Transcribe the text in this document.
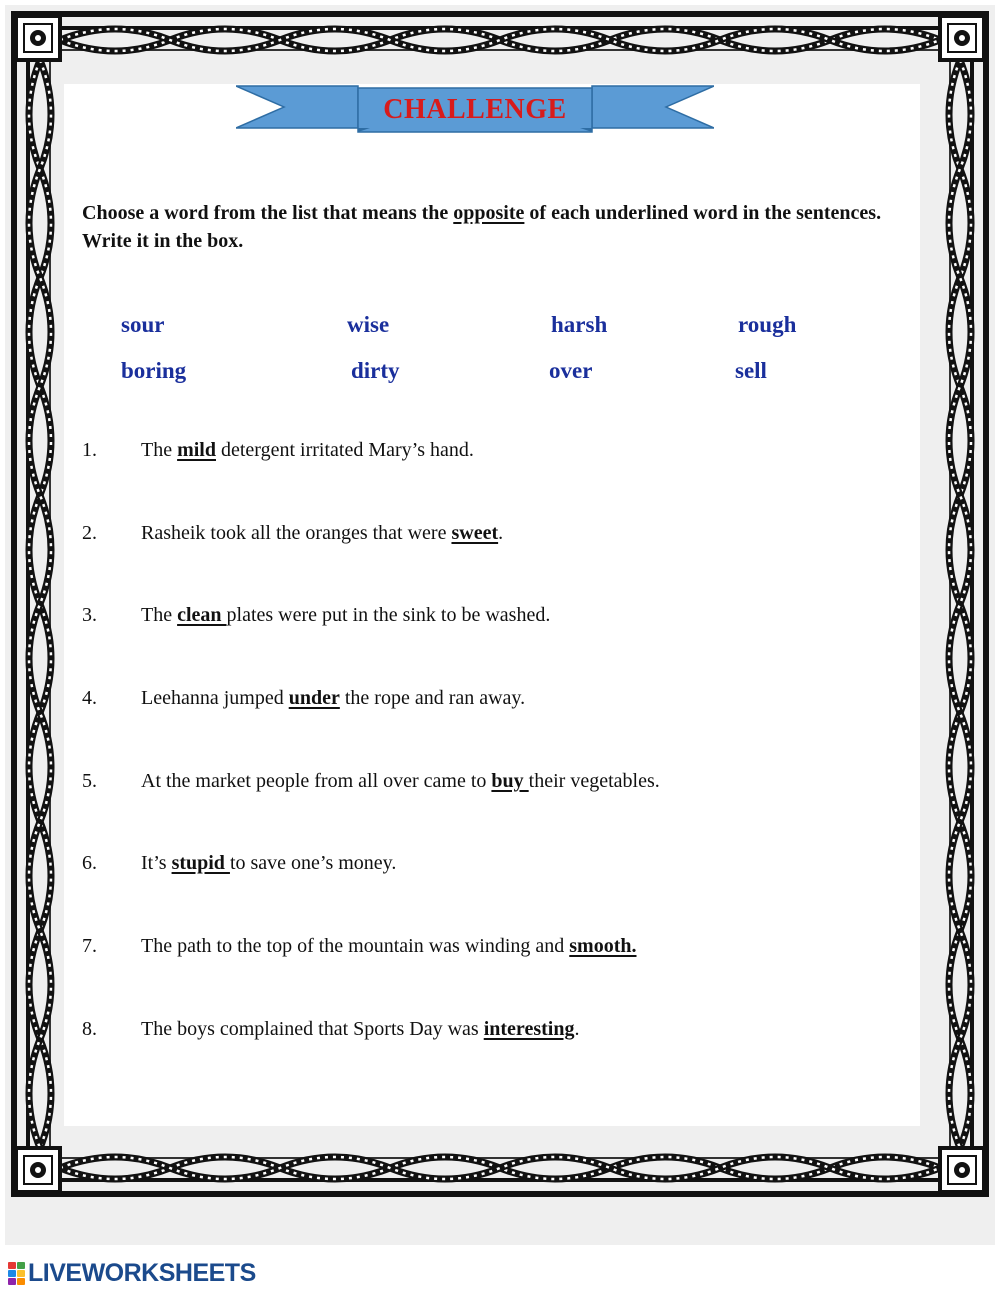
CHALLENGE
Choose a word from the list that means the opposite of each underlined word in the sentences. Write it in the box.
sour	wise	harsh	rough
boring	dirty	over	sell
1. The mild detergent irritated Mary’s hand.
2. Rasheik took all the oranges that were sweet.
3. The clean plates were put in the sink to be washed.
4. Leehanna jumped under the rope and ran away.
5. At the market people from all over came to buy their vegetables.
6. It’s stupid to save one’s money.
7. The path to the top of the mountain was winding and smooth.
8. The boys complained that Sports Day was interesting.
LIVEWORKSHEETS
